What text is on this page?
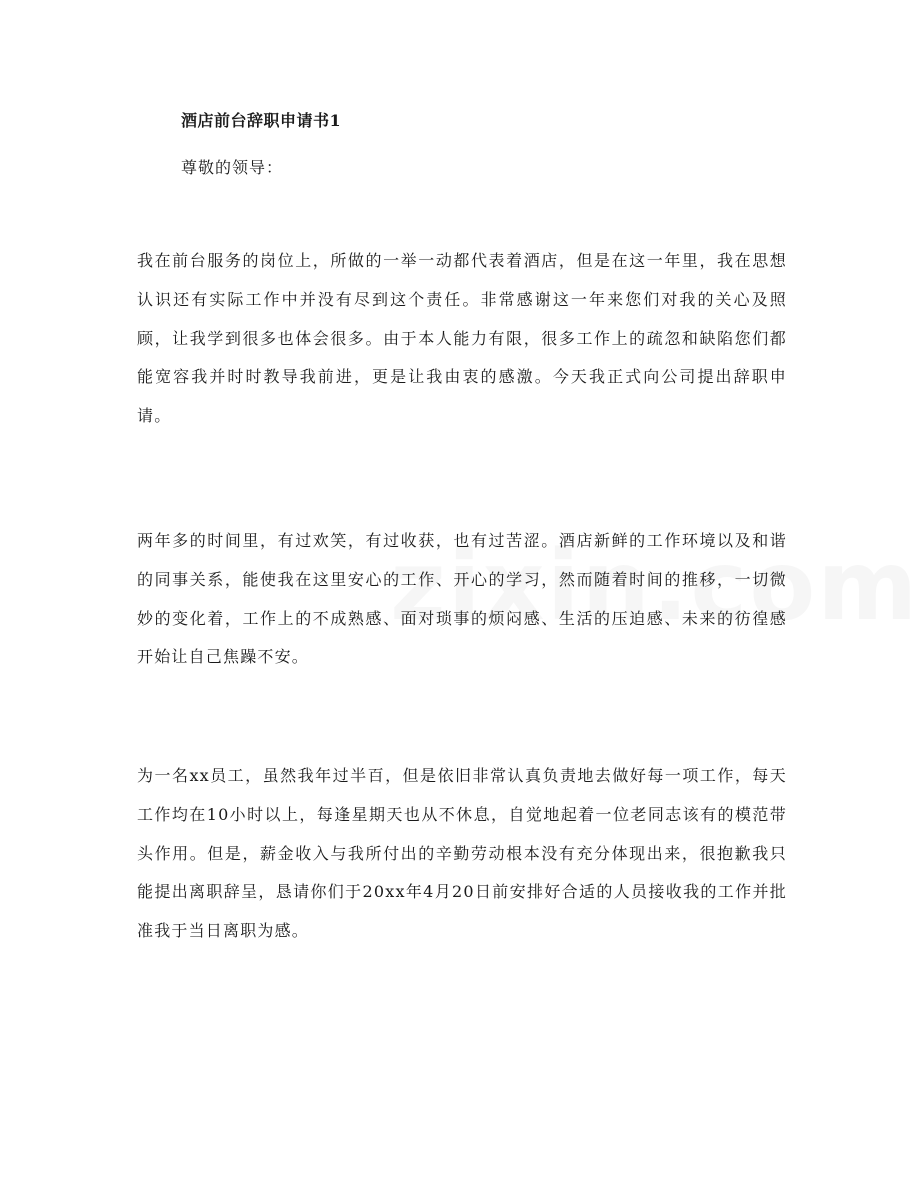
酒店前台辞职申请书1
尊敬的领导：
我在前台服务的岗位上，所做的一举一动都代表着酒店，但是在这一年里，我在思想认识还有实际工作中并没有尽到这个责任。非常感谢这一年来您们对我的关心及照顾，让我学到很多也体会很多。由于本人能力有限，很多工作上的疏忽和缺陷您们都能宽容我并时时教导我前进，更是让我由衷的感激。今天我正式向公司提出辞职申请。
两年多的时间里，有过欢笑，有过收获，也有过苦涩。酒店新鲜的工作环境以及和谐的同事关系，能使我在这里安心的工作、开心的学习，然而随着时间的推移，一切微妙的变化着，工作上的不成熟感、面对琐事的烦闷感、生活的压迫感、未来的彷徨感开始让自己焦躁不安。
为一名xx员工，虽然我年过半百，但是依旧非常认真负责地去做好每一项工作，每天工作均在10小时以上，每逢星期天也从不休息，自觉地起着一位老同志该有的模范带头作用。但是，薪金收入与我所付出的辛勤劳动根本没有充分体现出来，很抱歉我只能提出离职辞呈，恳请你们于20xx年4月20日前安排好合适的人员接收我的工作并批准我于当日离职为感。
